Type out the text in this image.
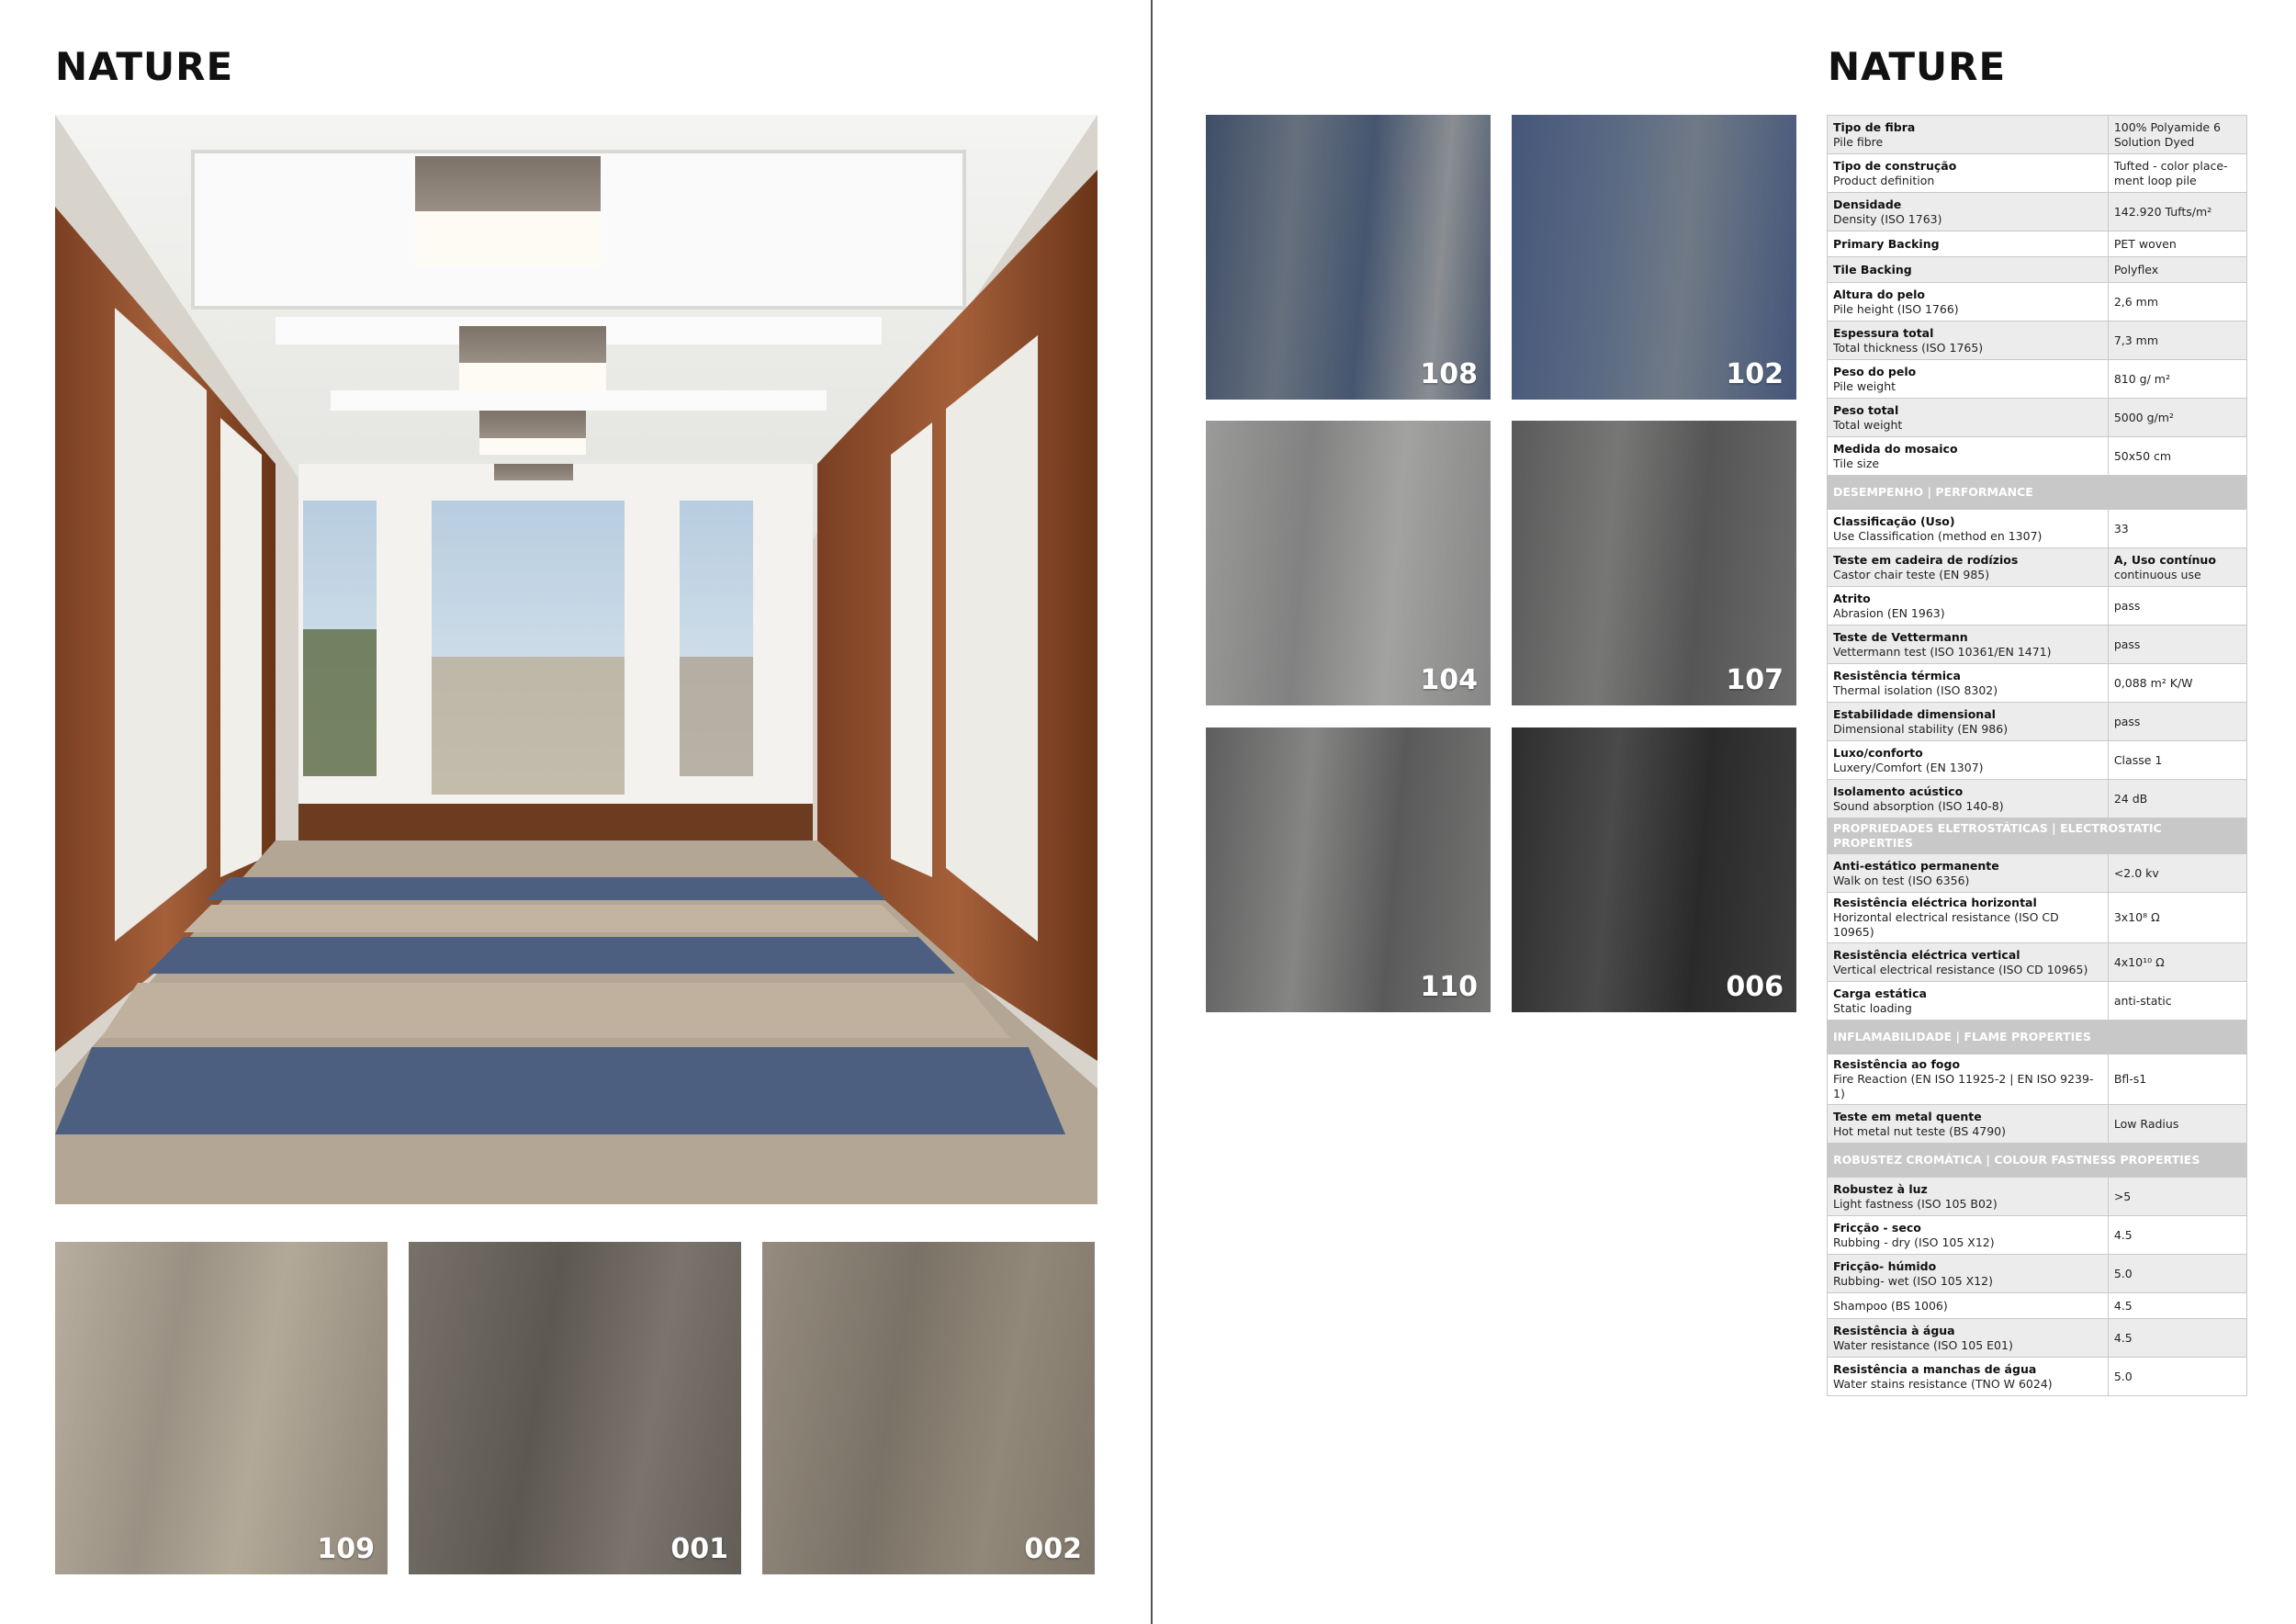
NATURE	NATURE
109	001	002
108	102
104	107
110	006
Tipo de fibra
Pile fibre	100% Polyamide 6 Solution Dyed

Tipo de construção
Product definition	Tufted - color place-ment loop pile

Densidade
Density (ISO 1763)	142.920 Tufts/m²

Primary Backing	PET woven

Tile Backing	Polyflex

Altura do pelo
Pile height (ISO 1766)	2,6 mm

Espessura total
Total thickness (ISO 1765)	7,3 mm

Peso do pelo
Pile weight	810 g/ m²

Peso total
Total weight	5000 g/m²

Medida do mosaico
Tile size	50x50 cm
DESEMPENHO | PERFORMANCE	

Classificação (Uso)
Use Classification (method en 1307)	33

Teste em cadeira de rodízios
Castor chair teste (EN 985)	A, Uso contínuo
continuous use

Atrito
Abrasion (EN 1963)	pass

Teste de Vettermann
Vettermann test (ISO 10361/EN 1471)	pass

Resistência térmica
Thermal isolation (ISO 8302)	0,088 m² K/W

Estabilidade dimensional
Dimensional stability (EN 986)	pass

Luxo/conforto
Luxery/Comfort (EN 1307)	Classe 1

Isolamento acústico
Sound absorption (ISO 140-8)	24 dB
PROPRIEDADES ELETROSTÁTICAS | ELECTROSTATIC PROPERTIES	

Anti-estático permanente
Walk on test (ISO 6356)	<2.0 kv

Resistência eléctrica horizontal
Horizontal electrical resistance (ISO CD 10965)	3x10⁸ Ω

Resistência eléctrica vertical
Vertical electrical resistance (ISO CD 10965)	4x10¹⁰ Ω

Carga estática
Static loading	anti-static
INFLAMABILIDADE | FLAME PROPERTIES	

Resistência ao fogo
Fire Reaction (EN ISO 11925-2 | EN ISO 9239-1)	Bfl-s1

Teste em metal quente
Hot metal nut teste (BS 4790)	Low Radius
ROBUSTEZ CROMÁTICA | COLOUR FASTNESS PROPERTIES	

Robustez à luz
Light fastness (ISO 105 B02)	>5

Fricção - seco
Rubbing - dry (ISO 105 X12)	4.5

Fricção- húmido
Rubbing- wet (ISO 105 X12)	5.0

Shampoo (BS 1006)	4.5

Resistência à água
Water resistance (ISO 105 E01)	4.5

Resistência a manchas de água
Water stains resistance (TNO W 6024)	5.0
